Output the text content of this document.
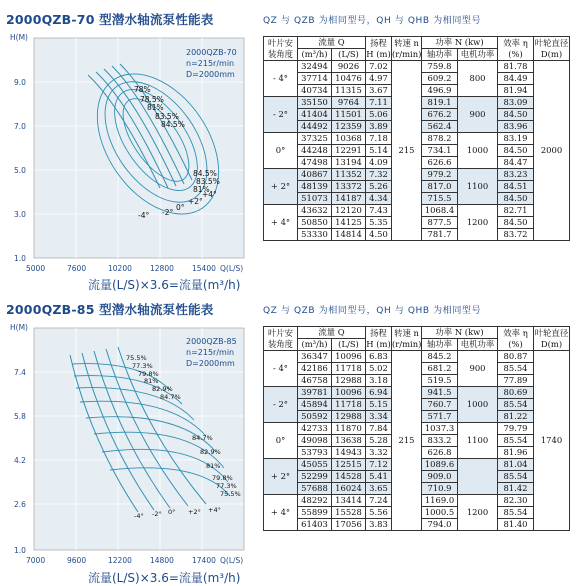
2000QZB-70 型潜水轴流泵性能表	QZ 与 QZB 为相同型号，QH 与 QHB 为相同型号
78%
78.5%
81%
83.5%
84.5%
84.5%
83.5%
81%
-4° -2°
0°
+2°
+4°
2000QZB-70
n=215r/min
D=2000mm
H(M)
9.0
7.0
5.0
3.0
1.0
5000	7600	10200 12800 15400 Q(L/S)
流量(L/S)×3.6=流量(m³/h)
叶片安装角度	流量 Q		扬程 H (m)	转速 n (r/min)	功率 N (kw)		效率 η (%)	叶轮直径 D(m)
	(m³/h)	(L/S)			轴功率	电机功率		
- 4°	32494	9026	7.02	215	759.8	800	81.78	2000
	37714	10476	4.97		609.2		84.49	
	40734	11315	3.67		496.9		81.94	
- 2°	35150	9764	7.11		819.1	900	83.09	
	41404	11501	5.06		676.2		84.50	
	44492	12359	3.89		562.4		83.96	
0°	37325	10368	7.18		878.2	1000	83.19	
	44248	12291	5.14		734.1		84.50	
	47498	13194	4.09		626.6		84.47	
+ 2°	40867	11352	7.32		979.2	1100	83.23	
	48139	13372	5.26		817.0		84.51	
	51073	14187	4.34		715.5		84.50	
+ 4°	43632	12120	7.43		1068.4	1200	82.71	
	50850	14125	5.35		877.5		84.50	
	53330	14814	4.50		781.7		83.72	
2000QZB-85 型潜水轴流泵性能表	QZ 与 QZB 为相同型号，QH 与 QHB 为相同型号
75.5%
77.3%
79.8%
81%
82.9%
84.7%
84.7%
82.9%
81%
79.8%
77.3%
75.5%
-4° -2° 0° +2° +4°
2000QZB-85
n=215r/min
D=2000mm
H(M)
7.4
5.8
4.2
2.6
1.0
7000	9600	12200 14800 17400 Q(L/S)
流量(L/S)×3.6=流量(m³/h)
叶片安装角度	流量 Q		扬程 H (m)	转速 n (r/min)	功率 N (kw)		效率 η (%)	叶轮直径 D(m)
	(m³/h)	(L/S)			轴功率	电机功率		
- 4°	36347	10096	6.83	215	845.2	900	80.87	1740
	42186	11718	5.02		681.2		85.54	
	46758	12988	3.18		519.5		77.89	
- 2°	39781	10096	6.94		941.5	1000	80.69	
	45894	11718	5.15		760.7		85.54	
	50592	12988	3.34		571.7		81.22	
0°	42733	11870	7.84		1037.3	1100	79.79	
	49098	13638	5.28		833.2		85.54	
	53793	14943	3.32		626.8		81.96	
+ 2°	45055	12515	7.12		1089.6		81.04	
	52299	14528	5.41		909.0		85.54	
	57688	16024	3.65		710.9		81.42	
+ 4°	48292	13414	7.24		1169.0	1200	82.30	
	55899	15528	5.56		1000.5		85.54	
	61403	17056	3.83		794.0		81.40	
